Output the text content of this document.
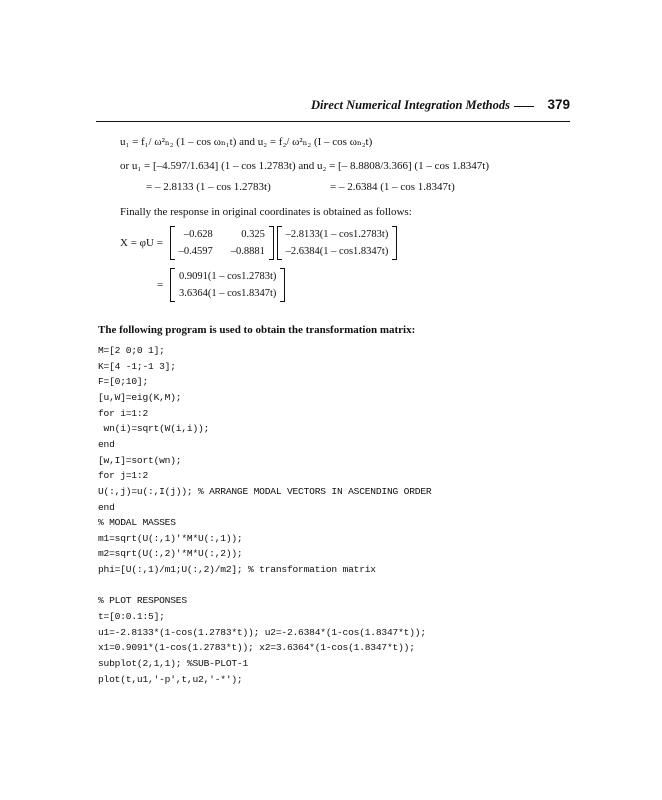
Direct Numerical Integration Methods	379
u₁ = f₁/ ω²ₙ₂ (1 – cos ωₙ₁t) and u₂ = f₂/ ω²ₙ₂ (I – cos ωₙ₂t)
or u₁ = [–4.597/1.634] (1 – cos 1.2783t) and u₂ = [– 8.8808/3.366] (1 – cos 1.8347t)
= – 2.8133 (1 – cos 1.2783t)	= – 2.6384 (1 – cos 1.8347t)
Finally the response in original coordinates is obtained as follows:
X = φU =
–0.628	0.325
–0.4597	–0.8881

–2.8133(1 – cos1.2783t)
–2.6384(1 – cos1.8347t)
=
0.9091(1 – cos1.2783t)
3.6364(1 – cos1.8347t)
The following program is used to obtain the transformation matrix:
M=[2 0;0 1];
K=[4 -1;-1 3];
F=[0;10];
[u,W]=eig(K,M);
for i=1:2
wn(i)=sqrt(W(i,i));
end
[w,I]=sort(wn);
for j=1:2
U(:,j)=u(:,I(j)); % ARRANGE MODAL VECTORS IN ASCENDING ORDER
end
% MODAL MASSES
m1=sqrt(U(:,1)'*M*U(:,1));
m2=sqrt(U(:,2)'*M*U(:,2));
phi=[U(:,1)/m1;U(:,2)/m2]; % transformation matrix
% PLOT RESPONSES
t=[0:0.1:5];
u1=-2.8133*(1-cos(1.2783*t)); u2=-2.6384*(1-cos(1.8347*t));
x1=0.9091*(1-cos(1.2783*t)); x2=3.6364*(1-cos(1.8347*t));
subplot(2,1,1); %SUB-PLOT-1
plot(t,u1,'-p',t,u2,'-*');
